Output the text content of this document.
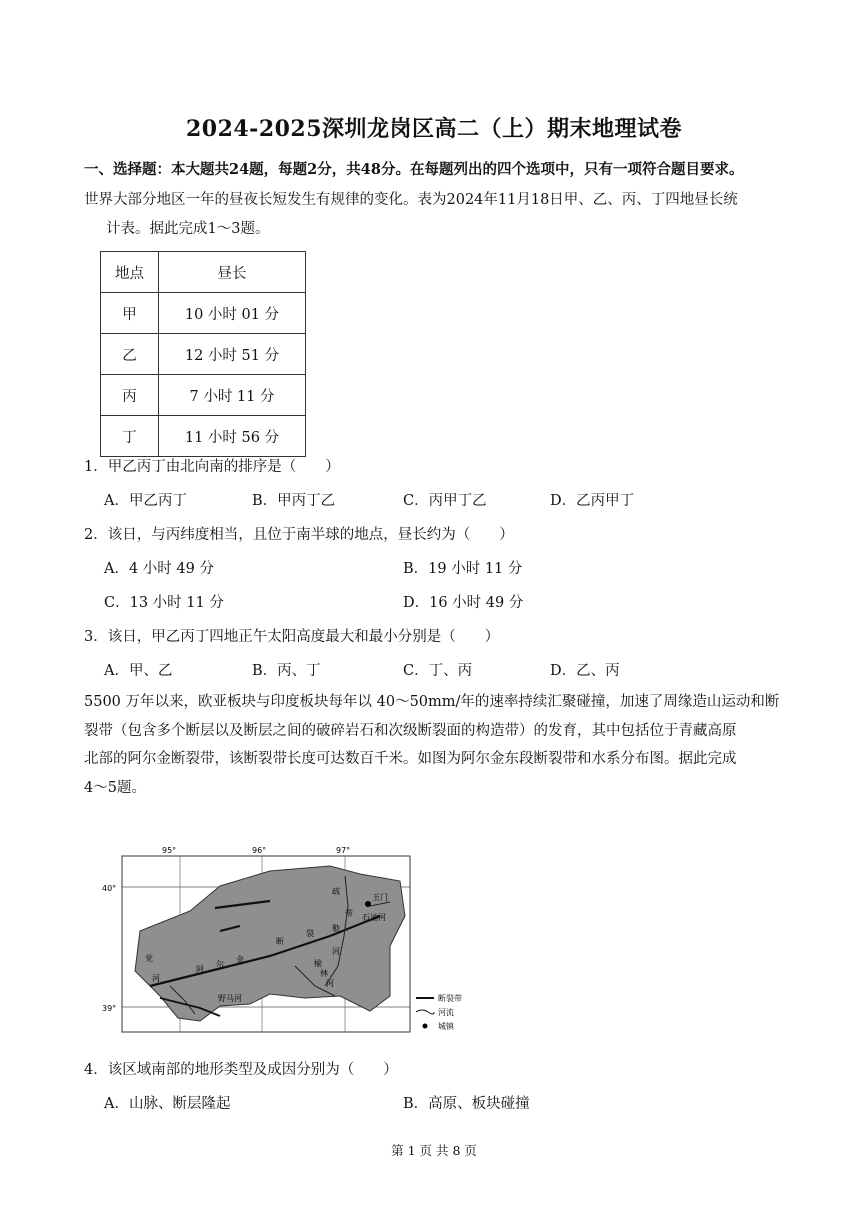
2024-2025深圳龙岗区高二（上）期末地理试卷
一、选择题：本大题共24题，每题2分，共48分。在每题列出的四个选项中，只有一项符合题目要求。
世界大部分地区一年的昼夜长短发生有规律的变化。表为2024年11月18日甲、乙、丙、丁四地昼长统
计表。据此完成1～3题。
地点	昼长
甲	10 小时 01 分
乙	12 小时 51 分
丙	7 小时 11 分
丁	11 小时 56 分
1．甲乙丙丁由北向南的排序是（　　）
A．甲乙丙丁	B．甲丙丁乙	C．丙甲丁乙	D．乙丙甲丁
2．该日，与丙纬度相当，且位于南半球的地点，昼长约为（　　）
A．4 小时 49 分	B．19 小时 11 分
C．13 小时 11 分	D．16 小时 49 分
3．该日，甲乙丙丁四地正午太阳高度最大和最小分别是（　　）
A．甲、乙	B．丙、丁	C．丁、丙	D．乙、丙
5500 万年以来，欧亚板块与印度板块每年以 40～50mm/年的速率持续汇聚碰撞，加速了周缘造山运动和断
裂带（包含多个断层以及断层之间的破碎岩石和次级断裂面的构造带）的发育，其中包括位于青藏高原
北部的阿尔金断裂带，该断裂带长度可达数百千米。如图为阿尔金东段断裂带和水系分布图。据此完成
4～5题。
95°	96°	97°
40°
39°
玉门
石油河
疏
勒
河
党
河
阿
尔
金
断
裂
带
野马河
榆
林
河
断裂带
河流
城镇
4．该区域南部的地形类型及成因分别为（　　）
A．山脉、断层隆起	B．高原、板块碰撞
第 1 页 共 8 页
